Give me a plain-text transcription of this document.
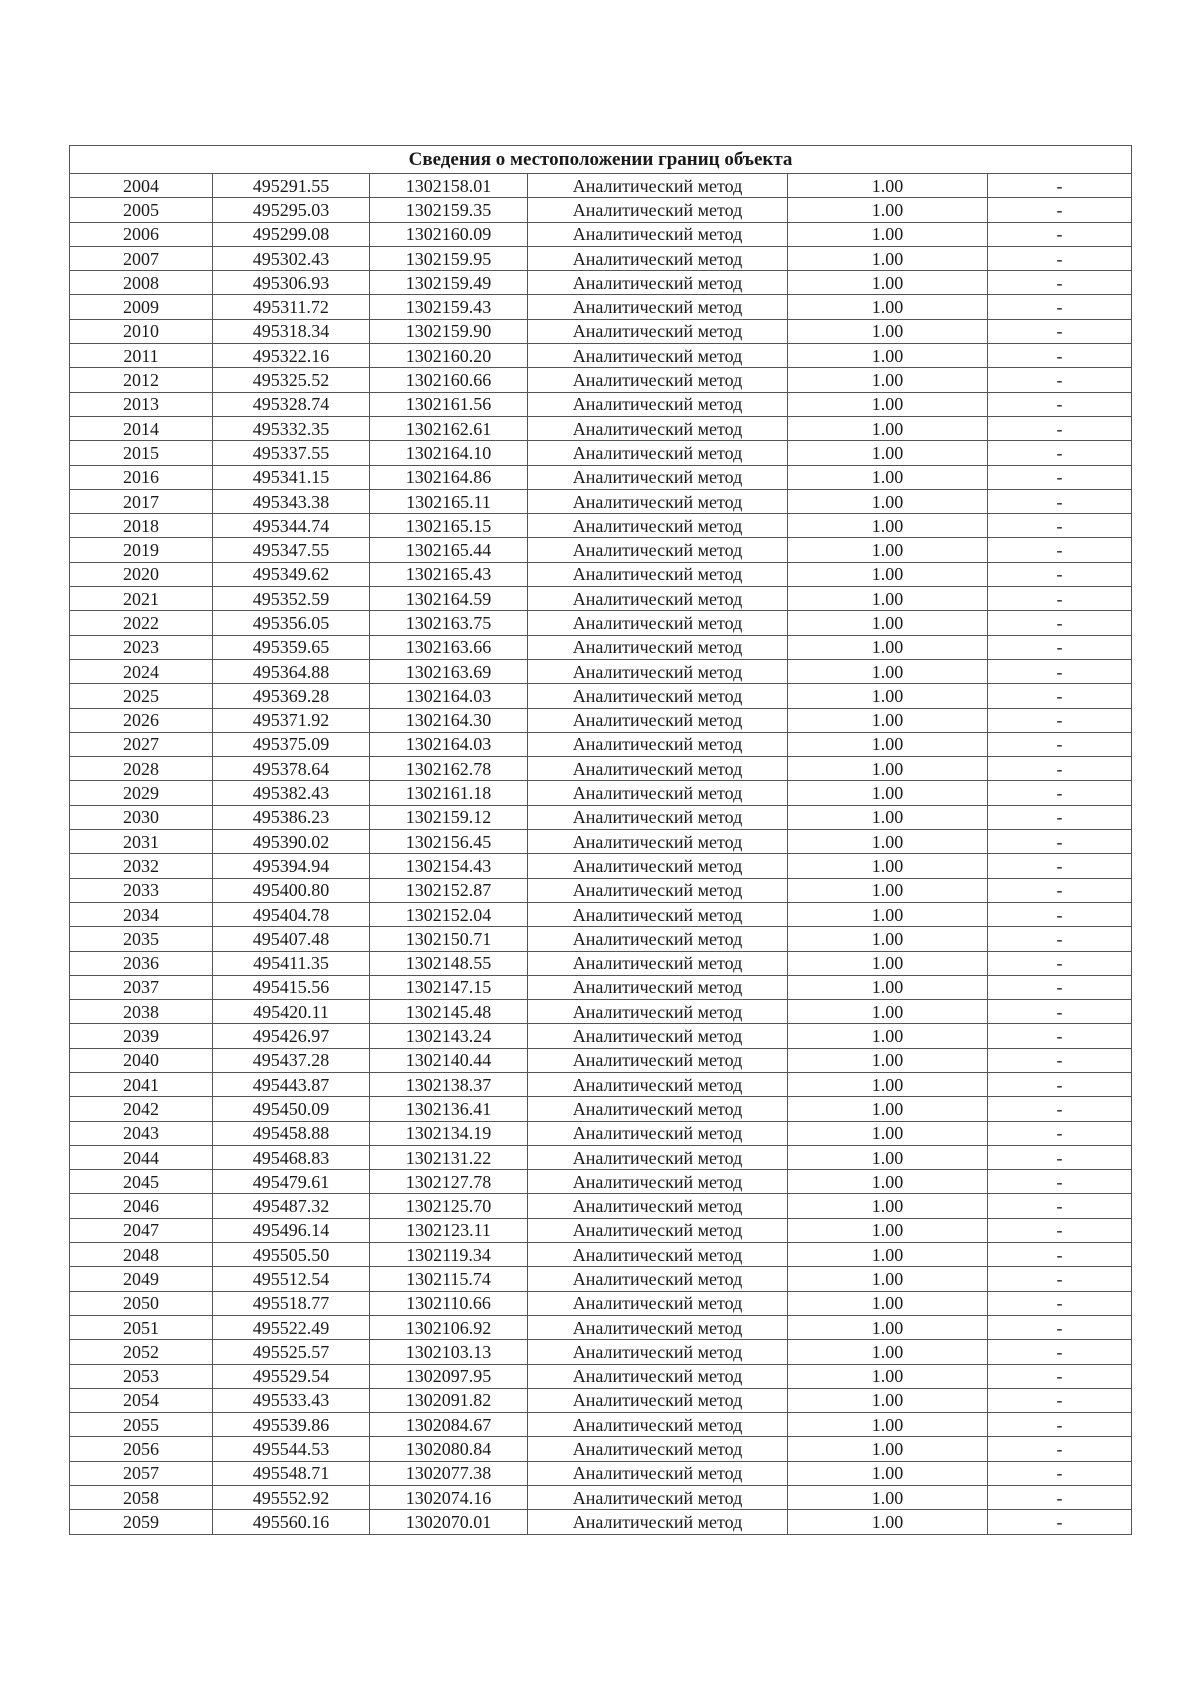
Сведения о местоположении границ объекта					
2004	495291.55	1302158.01	Аналитический метод	1.00	-
2005	495295.03	1302159.35	Аналитический метод	1.00	-
2006	495299.08	1302160.09	Аналитический метод	1.00	-
2007	495302.43	1302159.95	Аналитический метод	1.00	-
2008	495306.93	1302159.49	Аналитический метод	1.00	-
2009	495311.72	1302159.43	Аналитический метод	1.00	-
2010	495318.34	1302159.90	Аналитический метод	1.00	-
2011	495322.16	1302160.20	Аналитический метод	1.00	-
2012	495325.52	1302160.66	Аналитический метод	1.00	-
2013	495328.74	1302161.56	Аналитический метод	1.00	-
2014	495332.35	1302162.61	Аналитический метод	1.00	-
2015	495337.55	1302164.10	Аналитический метод	1.00	-
2016	495341.15	1302164.86	Аналитический метод	1.00	-
2017	495343.38	1302165.11	Аналитический метод	1.00	-
2018	495344.74	1302165.15	Аналитический метод	1.00	-
2019	495347.55	1302165.44	Аналитический метод	1.00	-
2020	495349.62	1302165.43	Аналитический метод	1.00	-
2021	495352.59	1302164.59	Аналитический метод	1.00	-
2022	495356.05	1302163.75	Аналитический метод	1.00	-
2023	495359.65	1302163.66	Аналитический метод	1.00	-
2024	495364.88	1302163.69	Аналитический метод	1.00	-
2025	495369.28	1302164.03	Аналитический метод	1.00	-
2026	495371.92	1302164.30	Аналитический метод	1.00	-
2027	495375.09	1302164.03	Аналитический метод	1.00	-
2028	495378.64	1302162.78	Аналитический метод	1.00	-
2029	495382.43	1302161.18	Аналитический метод	1.00	-
2030	495386.23	1302159.12	Аналитический метод	1.00	-
2031	495390.02	1302156.45	Аналитический метод	1.00	-
2032	495394.94	1302154.43	Аналитический метод	1.00	-
2033	495400.80	1302152.87	Аналитический метод	1.00	-
2034	495404.78	1302152.04	Аналитический метод	1.00	-
2035	495407.48	1302150.71	Аналитический метод	1.00	-
2036	495411.35	1302148.55	Аналитический метод	1.00	-
2037	495415.56	1302147.15	Аналитический метод	1.00	-
2038	495420.11	1302145.48	Аналитический метод	1.00	-
2039	495426.97	1302143.24	Аналитический метод	1.00	-
2040	495437.28	1302140.44	Аналитический метод	1.00	-
2041	495443.87	1302138.37	Аналитический метод	1.00	-
2042	495450.09	1302136.41	Аналитический метод	1.00	-
2043	495458.88	1302134.19	Аналитический метод	1.00	-
2044	495468.83	1302131.22	Аналитический метод	1.00	-
2045	495479.61	1302127.78	Аналитический метод	1.00	-
2046	495487.32	1302125.70	Аналитический метод	1.00	-
2047	495496.14	1302123.11	Аналитический метод	1.00	-
2048	495505.50	1302119.34	Аналитический метод	1.00	-
2049	495512.54	1302115.74	Аналитический метод	1.00	-
2050	495518.77	1302110.66	Аналитический метод	1.00	-
2051	495522.49	1302106.92	Аналитический метод	1.00	-
2052	495525.57	1302103.13	Аналитический метод	1.00	-
2053	495529.54	1302097.95	Аналитический метод	1.00	-
2054	495533.43	1302091.82	Аналитический метод	1.00	-
2055	495539.86	1302084.67	Аналитический метод	1.00	-
2056	495544.53	1302080.84	Аналитический метод	1.00	-
2057	495548.71	1302077.38	Аналитический метод	1.00	-
2058	495552.92	1302074.16	Аналитический метод	1.00	-
2059	495560.16	1302070.01	Аналитический метод	1.00	-
